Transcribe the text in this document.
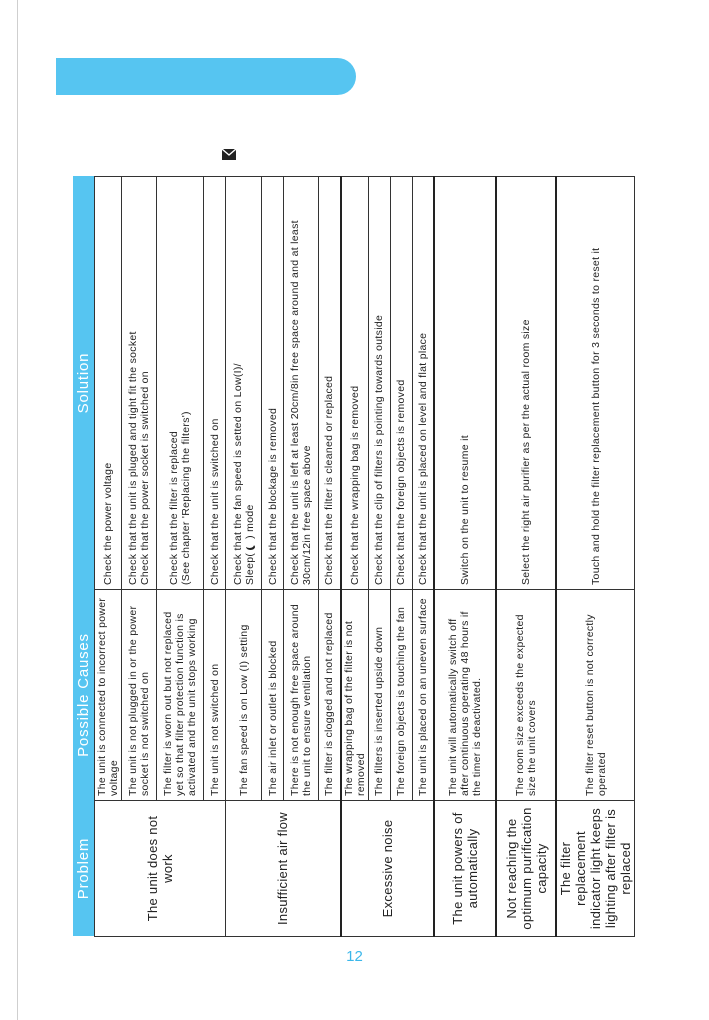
Problem	Possible Causes	Solution
The unit does not work	The unit is connected to incorrect power voltage	Check the power voltage
	The unit is not plugged in or the power socket is not switched on	Check that the unit is pluged and tight fit the socket
Check that the power socket is switched on
	The filter is worn out but not replaced yet so that filter protection function is activated and the unit stops working	Check that the filter is replaced
(See chapter 'Replacing the filters')
	The unit is not switched on	Check that the unit is switched on
Insufficient air flow	The fan speed is on Low (I) setting	Check that the fan speed is setted on Low(I)/
Sleep() mode
	The air inlet or outlet is blocked	Check that the blockage is removed
	There is not enough free space around the unit to ensure ventilation	Check that the unit is left at least 20cm/8in free space around and at least 30cm/12in free space above
	The filter is clogged and not replaced	Check that the filter is cleaned or replaced
Excessive noise	The wrapping bag of the filter is not removed	Check that the wrapping bag is removed
	The filters is inserted upside down	Check that the clip of filters is pointing towards outside
	The foreign objects is touching the fan	Check that the foreign objects is removed
	The unit is placed on an uneven surface	Check that the unit is placed on level and flat place
The unit powers of automatically	The unit will automatically switch off after continuous operating 48 hours if the timer is deactivated.	Switch on the unit to resume it
Not reaching the optimum purification capacity	The room size exceeds the expected size the unit covers	Select the right air purifier as per the actual room size
The filter replacement indicator light keeps lighting after filter is replaced	The filter reset button is not correctly operated	Touch and hold the filter replacement button for 3 seconds to reset it
12
